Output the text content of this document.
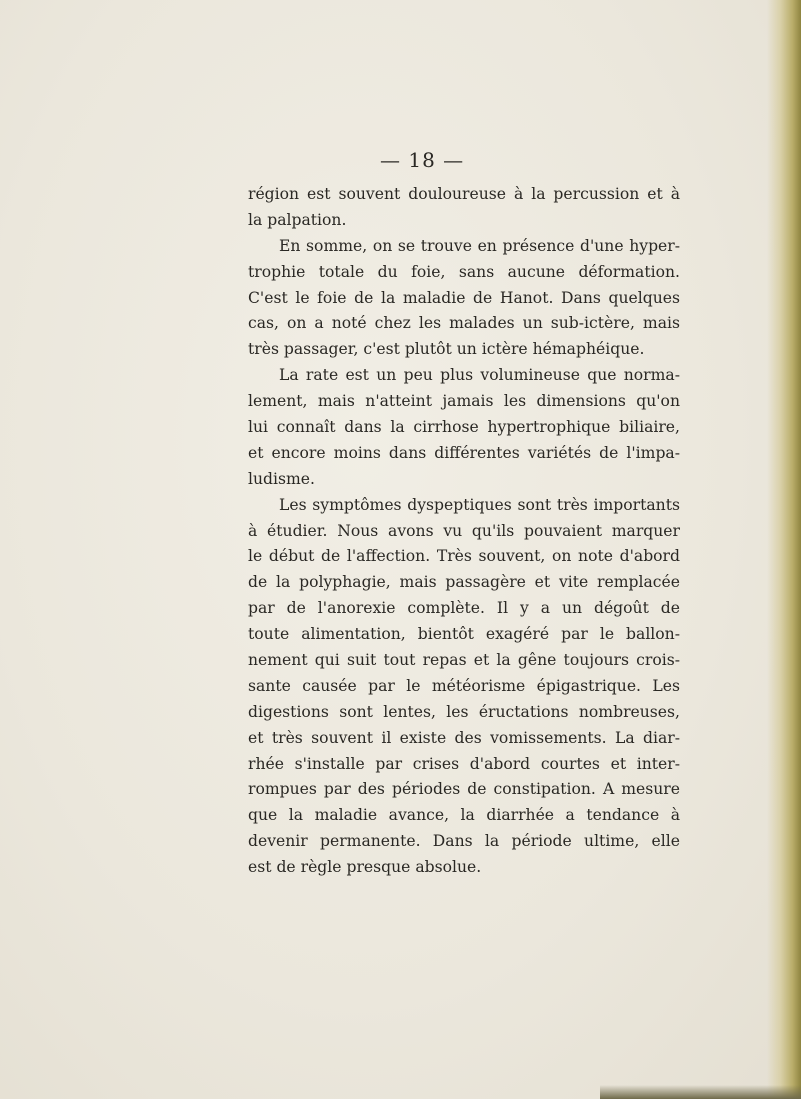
— 18 —
région est souvent douloureuse à la percussion et à
la palpation.
En somme, on se trouve en présence d'une hyper-
trophie totale du foie, sans aucune déformation.
C'est le foie de la maladie de Hanot. Dans quelques
cas, on a noté chez les malades un sub-ictère, mais
très passager, c'est plutôt un ictère hémaphéique.
La rate est un peu plus volumineuse que norma-
lement, mais n'atteint jamais les dimensions qu'on
lui connaît dans la cirrhose hypertrophique biliaire,
et encore moins dans différentes variétés de l'impa-
ludisme.
Les symptômes dyspeptiques sont très importants
à étudier. Nous avons vu qu'ils pouvaient marquer
le début de l'affection. Très souvent, on note d'abord
de la polyphagie, mais passagère et vite remplacée
par de l'anorexie complète. Il y a un dégoût de
toute alimentation, bientôt exagéré par le ballon-
nement qui suit tout repas et la gêne toujours crois-
sante causée par le météorisme épigastrique. Les
digestions sont lentes, les éructations nombreuses,
et très souvent il existe des vomissements. La diar-
rhée s'installe par crises d'abord courtes et inter-
rompues par des périodes de constipation. A mesure
que la maladie avance, la diarrhée a tendance à
devenir permanente. Dans la période ultime, elle
est de règle presque absolue.
